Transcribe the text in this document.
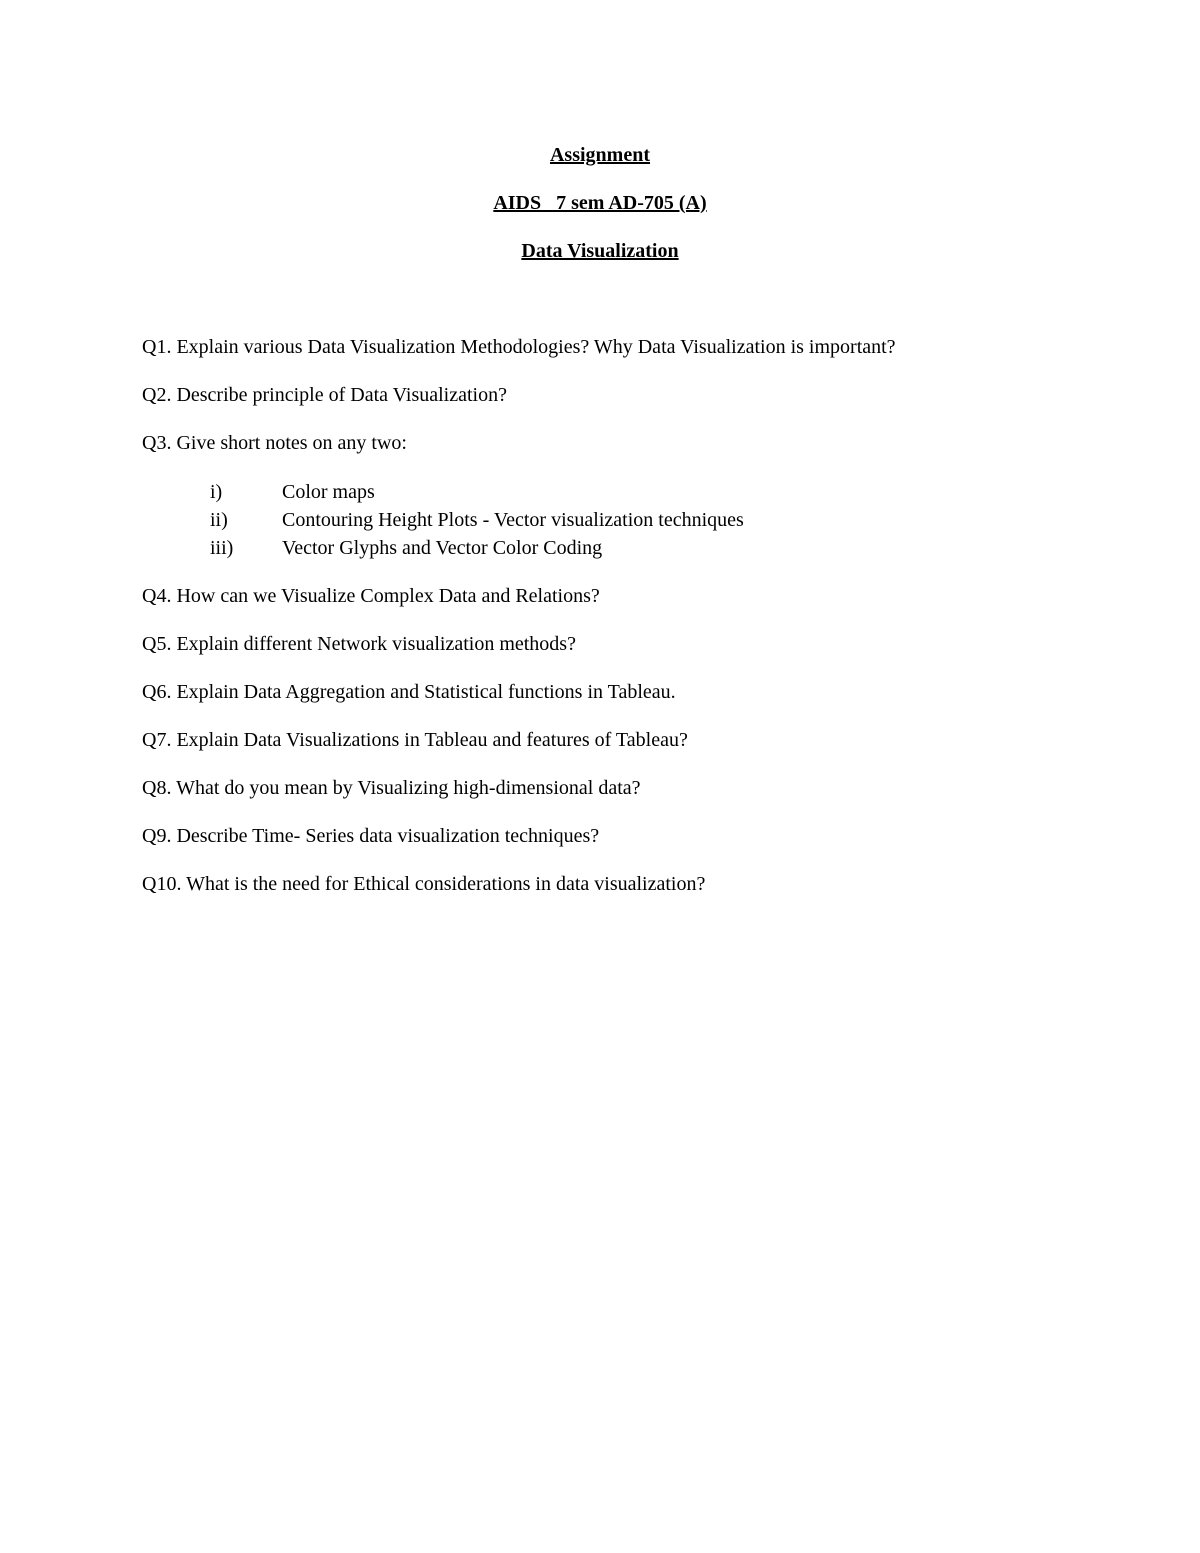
Assignment
AIDS   7 sem AD-705 (A)
Data Visualization
Q1. Explain various Data Visualization Methodologies? Why Data Visualization is important?
Q2. Describe principle of Data Visualization?
Q3. Give short notes on any two:
i)	Color maps
ii)	Contouring Height Plots - Vector visualization techniques
iii) Vector Glyphs and Vector Color Coding
Q4. How can we Visualize Complex Data and Relations?
Q5. Explain different Network visualization methods?
Q6. Explain Data Aggregation and Statistical functions in Tableau.
Q7. Explain Data Visualizations in Tableau and features of Tableau?
Q8. What do you mean by Visualizing high-dimensional data?
Q9. Describe Time- Series data visualization techniques?
Q10. What is the need for Ethical considerations in data visualization?
